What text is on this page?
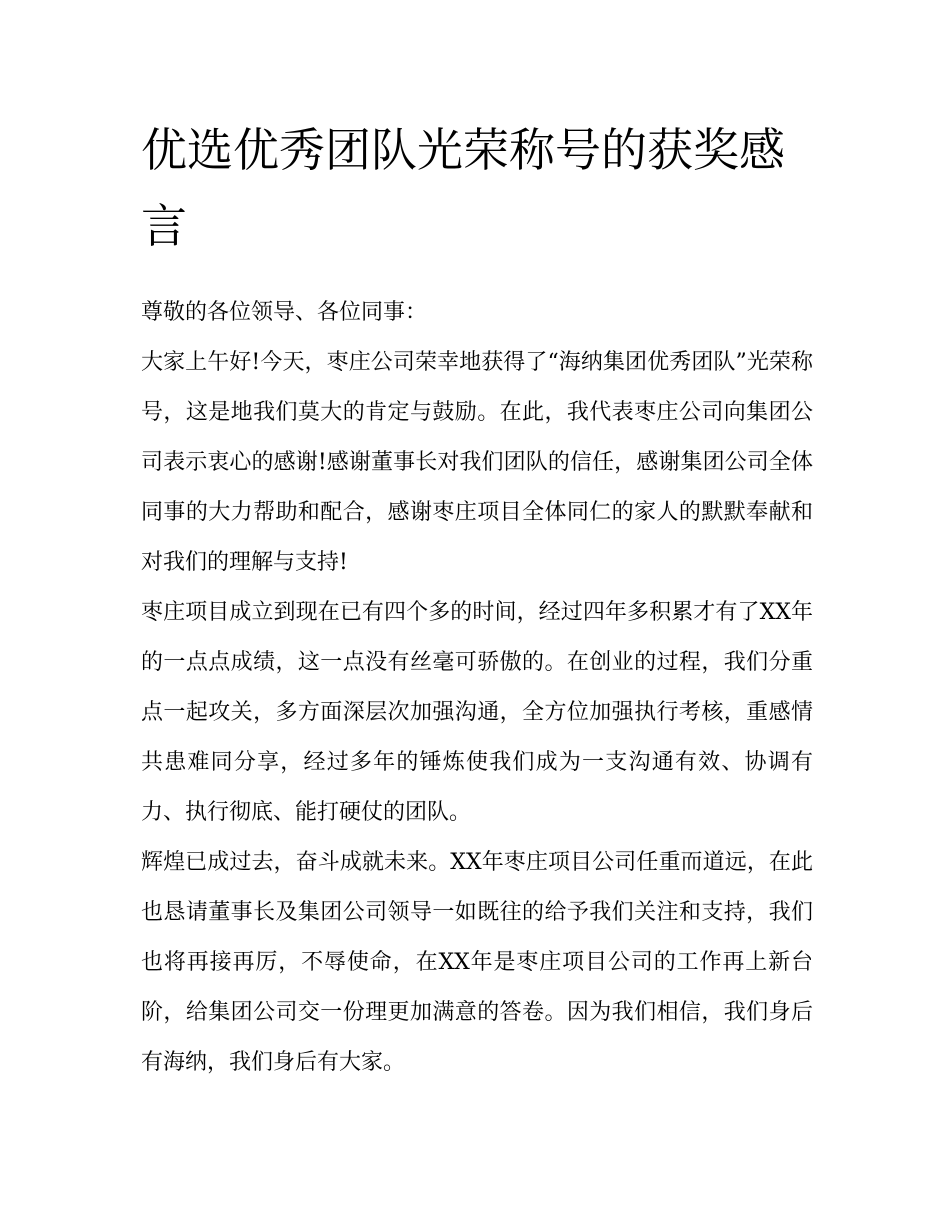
优选优秀团队光荣称号的获奖感言

尊敬的各位领导、各位同事：

大家上午好!今天，枣庄公司荣幸地获得了“海纳集团优秀团队”光荣称号，这是地我们莫大的肯定与鼓励。在此，我代表枣庄公司向集团公司表示衷心的感谢!感谢董事长对我们团队的信任，感谢集团公司全体同事的大力帮助和配合，感谢枣庄项目全体同仁的家人的默默奉献和对我们的理解与支持!

枣庄项目成立到现在已有四个多的时间，经过四年多积累才有了XX年的一点点成绩，这一点没有丝毫可骄傲的。在创业的过程，我们分重点一起攻关，多方面深层次加强沟通，全方位加强执行考核，重感情共患难同分享，经过多年的锤炼使我们成为一支沟通有效、协调有力、执行彻底、能打硬仗的团队。

辉煌已成过去，奋斗成就未来。XX年枣庄项目公司任重而道远，在此也恳请董事长及集团公司领导一如既往的给予我们关注和支持，我们也将再接再厉，不辱使命，在XX年是枣庄项目公司的工作再上新台阶，给集团公司交一份理更加满意的答卷。因为我们相信，我们身后有海纳，我们身后有大家。
